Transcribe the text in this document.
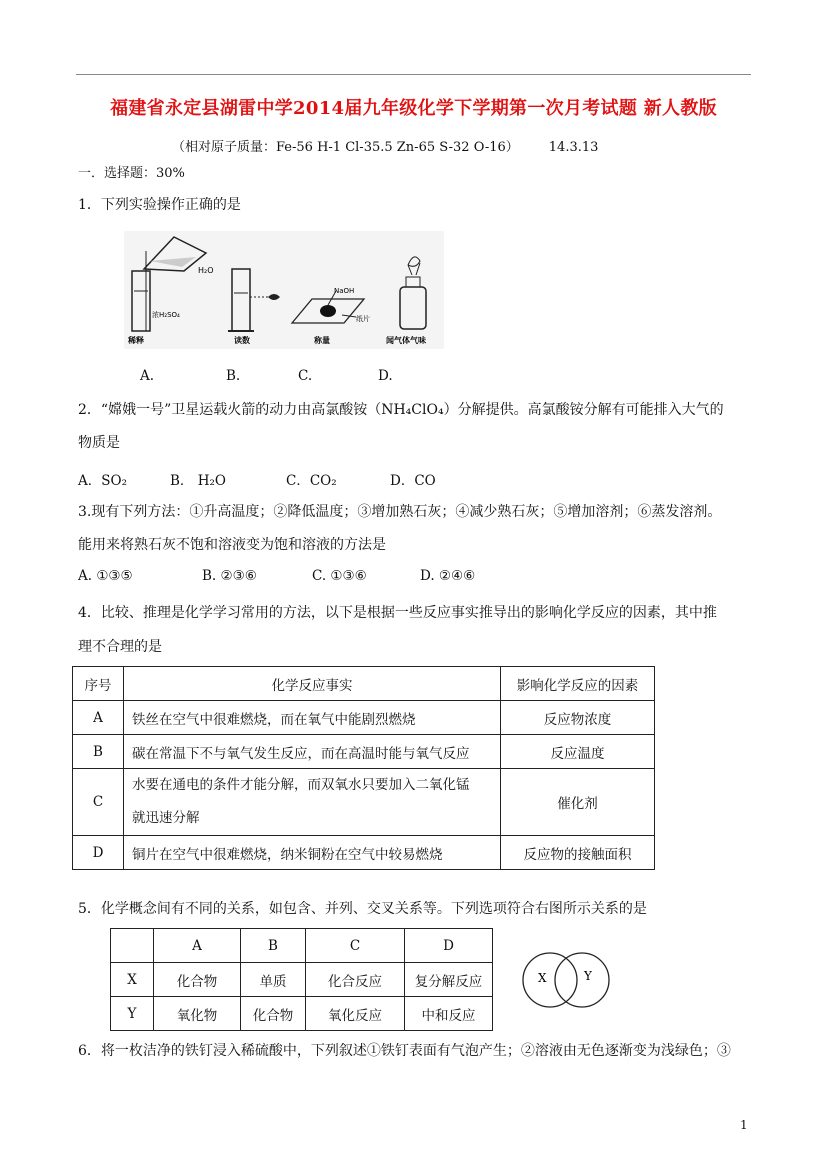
福建省永定县湖雷中学2014届九年级化学下学期第一次月考试题 新人教版
（相对原子质量：Fe-56 H-1 Cl-35.5 Zn-65 S-32 O-16） 14.3.13
一．选择题：30%
1．下列实验操作正确的是
H₂O
浓H₂SO₄
稀释	读数
NaOH
纸片
称量	闻气体气味
A.	B.	C.	D.
2．“嫦娥一号”卫星运载火箭的动力由高氯酸铵（NH₄ClO₄）分解提供。高氯酸铵分解有可能排入大气的
物质是
A．SO₂	B． H₂O	C．CO₂	D．CO
3.现有下列方法：①升高温度；②降低温度；③增加熟石灰；④减少熟石灰；⑤增加溶剂；⑥蒸发溶剂。
能用来将熟石灰不饱和溶液变为饱和溶液的方法是
A. ①③⑤	B. ②③⑥	C. ①③⑥	D. ②④⑥
4．比较、推理是化学学习常用的方法，以下是根据一些反应事实推导出的影响化学反应的因素，其中推
理不合理的是
序号	化学反应事实	影响化学反应的因素
A	铁丝在空气中很难燃烧，而在氧气中能剧烈燃烧	反应物浓度
B	碳在常温下不与氧气发生反应，而在高温时能与氧气反应	反应温度
C	水要在通电的条件才能分解，而双氧水只要加入二氧化锰
就迅速分解	催化剂
D	铜片在空气中很难燃烧，纳米铜粉在空气中较易燃烧	反应物的接触面积
5．化学概念间有不同的关系，如包含、并列、交叉关系等。下列选项符合右图所示关系的是
	A	B	C	D
X	化合物	单质	化合反应	复分解反应
Y	氧化物	化合物	氧化反应	中和反应
X	Y
6．将一枚洁净的铁钉浸入稀硫酸中，下列叙述①铁钉表面有气泡产生；②溶液由无色逐渐变为浅绿色；③
1
